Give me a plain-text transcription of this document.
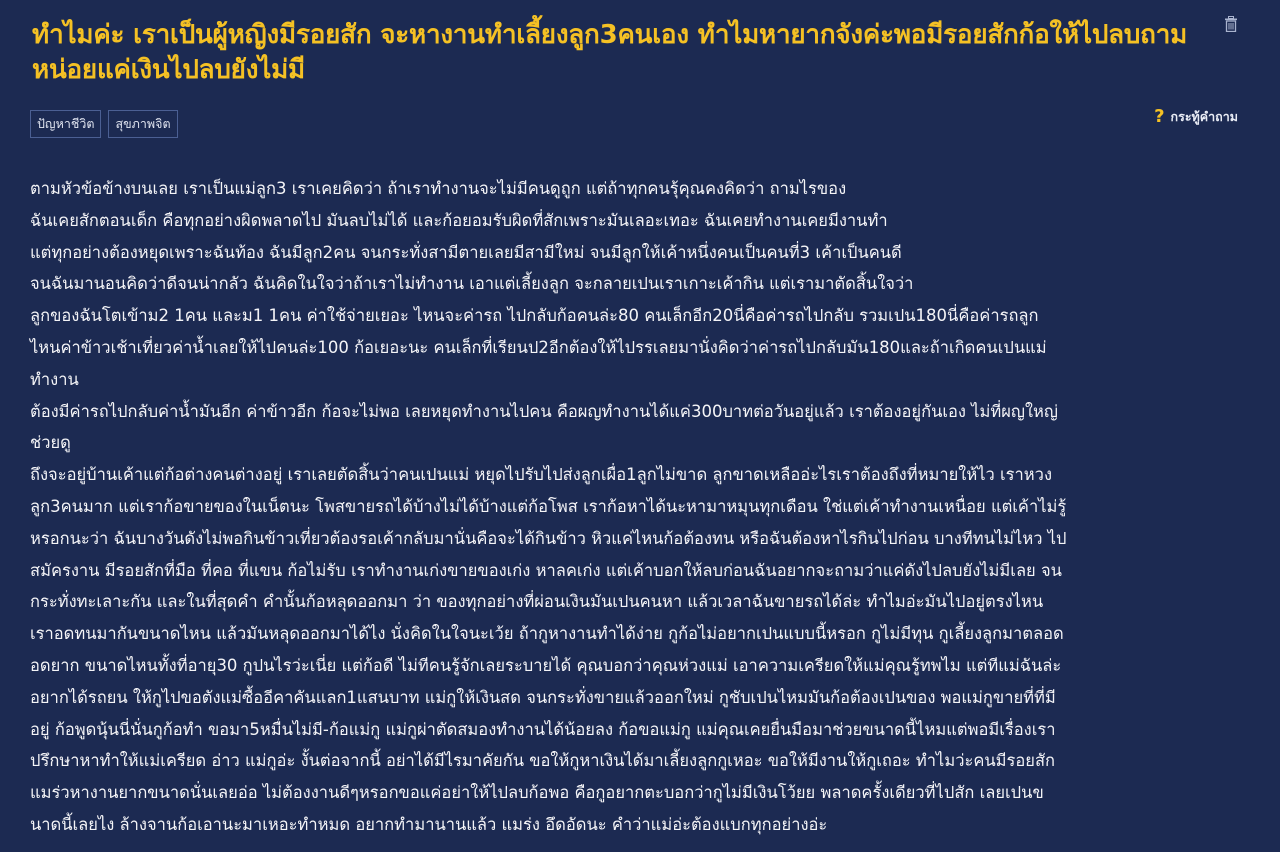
ทำไมค่ะ เราเป็นผู้หญิงมีรอยสัก จะหางานทำเลี้ยงลูก3คนเอง ทำไมหายากจังค่ะพอมีรอยสักก้อให้ไปลบถามหน่อยแค่เงินไปลบยังไม่มี
ปัญหาชีวิต	สุขภาพจิต	? กระทู้คำถาม
ตามหัวข้อข้างบนเลย เราเป็นแม่ลูก3 เราเคยคิดว่า ถ้าเราทำงานจะไม่มีคนดูถูก แต่ถ้าทุกคนรุ้คุณคงคิดว่า ถามไรของ
ฉันเคยสักตอนเด็ก คือทุกอย่างผิดพลาดไป มันลบไม่ได้ และก้อยอมรับผิดที่สักเพราะมันเลอะเทอะ ฉันเคยทำงานเคยมีงานทำ
แต่ทุกอย่างต้องหยุดเพราะฉันท้อง ฉันมีลูก2คน จนกระทั่งสามีตายเลยมีสามีใหม่ จนมีลูกให้เค้าหนึ่งคนเป็นคนที่3 เค้าเป็นคนดี
จนฉันมานอนคิดว่าดีจนน่ากลัว ฉันคิดในใจว่าถ้าเราไม่ทำงาน เอาแต่เลี้ยงลูก จะกลายเปนเราเกาะเค้ากิน แต่เรามาตัดสิ้นใจว่า
ลูกของฉันโตเข้าม2 1คน และม1 1คน ค่าใช้จ่ายเยอะ ไหนจะค่ารถ ไปกลับก้อคนล่ะ80 คนเล็กอีก20นี่คือค่ารถไปกลับ รวมเปน180นี่คือค่ารถลูก
ไหนค่าข้าวเช้าเที่ยวค่าน้ำเลยให้ไปคนล่ะ100 ก้อเยอะนะ คนเล็กที่เรียนป2อีกต้องให้ไปรรเลยมานั่งคิดว่าค่ารถไปกลับมัน180และถ้าเกิดคนเปนแม่
ทำงาน
ต้องมีค่ารถไปกลับค่าน้ำมันอีก ค่าข้าวอีก ก้อจะไม่พอ เลยหยุดทำงานไปคน คือผญทำงานได้แค่300บาทต่อวันอยู่แล้ว เราต้องอยู่กันเอง ไม่ที่ผญใหญ่
ช่วยดู
ถึงจะอยู่บ้านเค้าแต่ก้อต่างคนต่างอยู่ เราเลยตัดสิ้นว่าคนเปนแม่ หยุดไปรับไปส่งลูกเผื่อ1ลูกไม่ขาด ลูกขาดเหลืออ่ะไรเราต้องถึงที่หมายให้ไว เราหวง
ลูก3คนมาก แต่เราก้อขายของในเน็ตนะ โพสขายรถได้บ้างไม่ได้บ้างแต่ก้อโพส เราก้อหาได้นะหามาหมุนทุกเดือน ใช่แต่เค้าทำงานเหนื่อย แต่เค้าไม่รู้
หรอกนะว่า ฉันบางวันดังไม่พอกินข้าวเที่ยวต้องรอเค้ากลับมานั่นคือจะได้กินข้าว หิวแค่ไหนก้อต้องทน หรือฉันต้องหาไรกินไปก่อน บางทีทนไม่ไหว ไป
สมัครงาน มีรอยสักที่มือ ที่คอ ที่แขน ก้อไม่รับ เราทำงานเก่งขายของเก่ง หาลคเก่ง แต่เค้าบอกให้ลบก่อนฉันอยากจะถามว่าแค่ดังไปลบยังไม่มีเลย จน
กระทั่งทะเลาะกัน และในที่สุดคำ คำนั้นก้อหลุดออกมา ว่า ของทุกอย่างที่ผ่อนเงินมันเปนคนหา แล้วเวลาฉันขายรถได้ล่ะ ทำไมอ่ะมันไปอยู่ตรงไหน
เราอดทนมากันขนาดไหน แล้วมันหลุดออกมาได้ไง นั่งคิดในใจนะเว้ย ถ้ากูหางานทำได้ง่าย กูก้อไม่อยากเปนแบบนี้หรอก กูไม่มีทุน กูเลี้ยงลูกมาตลอด
อดยาก ขนาดไหนทั้งที่อายุ30 กูปนไรว่ะเนี่ย แต่ก้อดี ไม่ทีคนรู้จักเลยระบายได้ คุณบอกว่าคุณห่วงแม่ เอาความเครียดให้แม่คุณรู้ทพไม แต่ทีแม่ฉันล่ะ
อยากได้รถยน ให้กูไปขอตังแม่ซื้ออีคาคันแลก1แสนบาท แม่กูให้เงินสด จนกระทั่งขายแล้วออกใหม่ กูชับเปนไหมมันก้อต้องเปนของ พอแม่กูขายที่ที่มี
อยู่ ก้อพูดนุ้นนี่นั่นกูก้อทำ ขอมา5หมื่นไม่มี-ก้อแม่กู แม่กูผ่าตัดสมองทำงานได้น้อยลง ก้อขอแม่กู แม่คุณเคยยื่นมือมาช่วยขนาดนี้ไหมแต่พอมีเรื่องเรา
ปรึกษาหาทำให้แม่เครียด อ่าว แม่กูอ่ะ งั้นต่อจากนี้ อย่าได้มีไรมาคัยกัน ขอให้กูหาเงินได้มาเลี้ยงลูกกูเหอะ ขอให้มีงานให้กูเถอะ ทำไมว่ะคนมีรอยสัก
แมร่วหางานยากขนาดนั่นเลยอ่อ ไม่ต้องงานดีๆหรอกขอแค่อย่าให้ไปลบก้อพอ คือกูอยากตะบอกว่ากูไม่มีเงินโว้ยย พลาดครั้งเดียวที่ไปสัก เลยเปนข
นาดนี้เลยไง ล้างจานก้อเอานะมาเหอะทำหมด อยากทำมานานแล้ว แมร่ง อึดอัดนะ คำว่าแม่อ่ะต้องแบกทุกอย่างอ่ะ
